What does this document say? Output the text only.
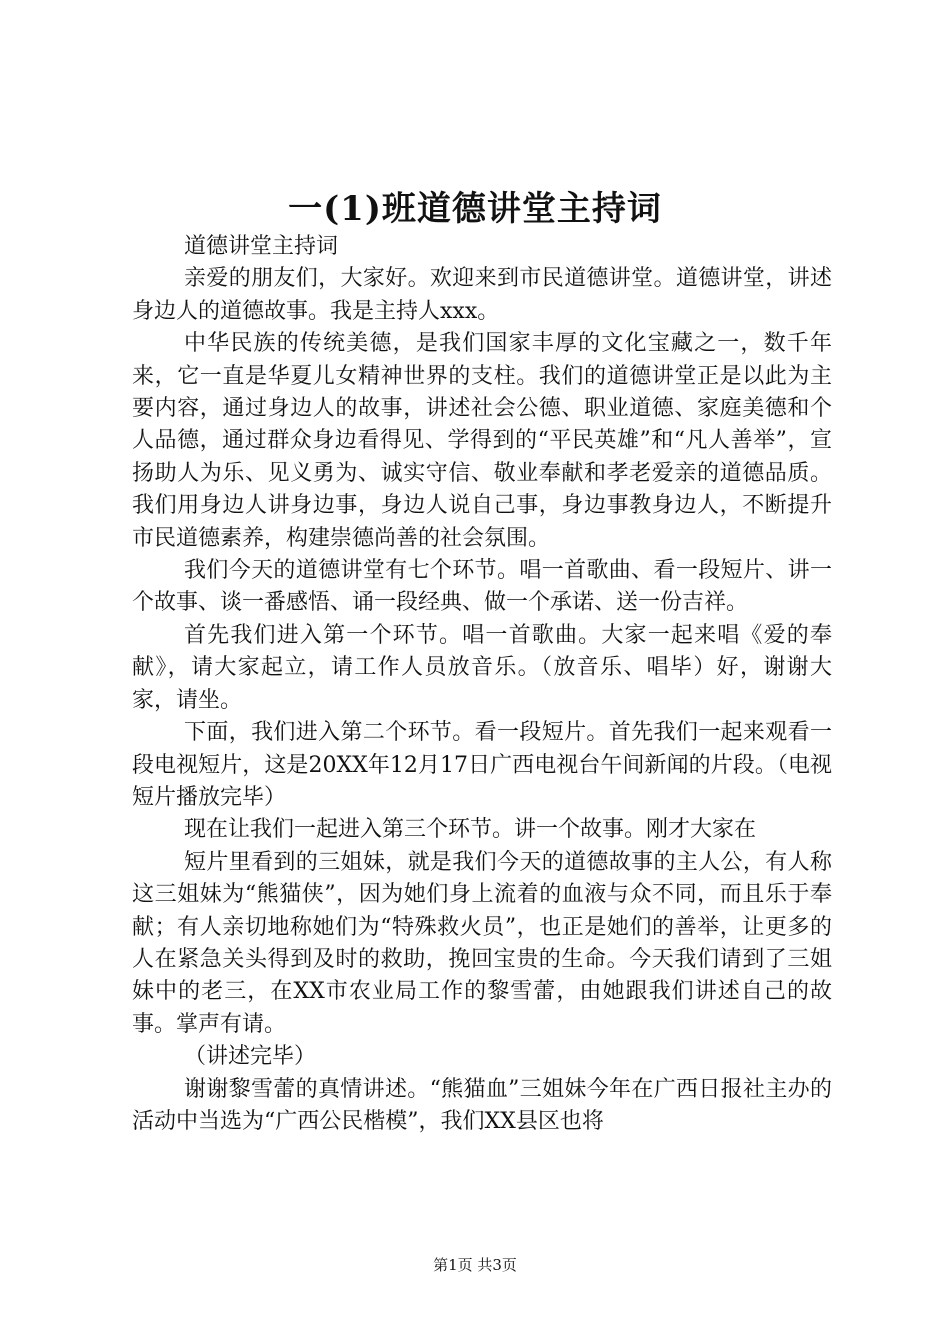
一(1)班道德讲堂主持词

道德讲堂主持词

亲爱的朋友们，大家好。欢迎来到市民道德讲堂。道德讲堂，讲述身边人的道德故事。我是主持人xxx。

中华民族的传统美德，是我们国家丰厚的文化宝藏之一，数千年来，它一直是华夏儿女精神世界的支柱。我们的道德讲堂正是以此为主要内容，通过身边人的故事，讲述社会公德、职业道德、家庭美德和个人品德，通过群众身边看得见、学得到的“平民英雄”和“凡人善举”，宣扬助人为乐、见义勇为、诚实守信、敬业奉献和孝老爱亲的道德品质。我们用身边人讲身边事，身边人说自己事，身边事教身边人，不断提升市民道德素养，构建崇德尚善的社会氛围。

我们今天的道德讲堂有七个环节。唱一首歌曲、看一段短片、讲一个故事、谈一番感悟、诵一段经典、做一个承诺、送一份吉祥。

首先我们进入第一个环节。唱一首歌曲。大家一起来唱《爱的奉献》，请大家起立，请工作人员放音乐。（放音乐、唱毕）好，谢谢大家，请坐。

下面，我们进入第二个环节。看一段短片。首先我们一起来观看一段电视短片，这是20XX年12月17日广西电视台午间新闻的片段。（电视短片播放完毕）

现在让我们一起进入第三个环节。讲一个故事。刚才大家在

短片里看到的三姐妹，就是我们今天的道德故事的主人公，有人称这三姐妹为“熊猫侠”，因为她们身上流着的血液与众不同，而且乐于奉献；有人亲切地称她们为“特殊救火员”，也正是她们的善举，让更多的人在紧急关头得到及时的救助，挽回宝贵的生命。今天我们请到了三姐妹中的老三，在XX市农业局工作的黎雪蕾，由她跟我们讲述自己的故事。掌声有请。

（讲述完毕）

谢谢黎雪蕾的真情讲述。“熊猫血”三姐妹今年在广西日报社主办的活动中当选为“广西公民楷模”，我们XX县区也将

第1页 共3页
